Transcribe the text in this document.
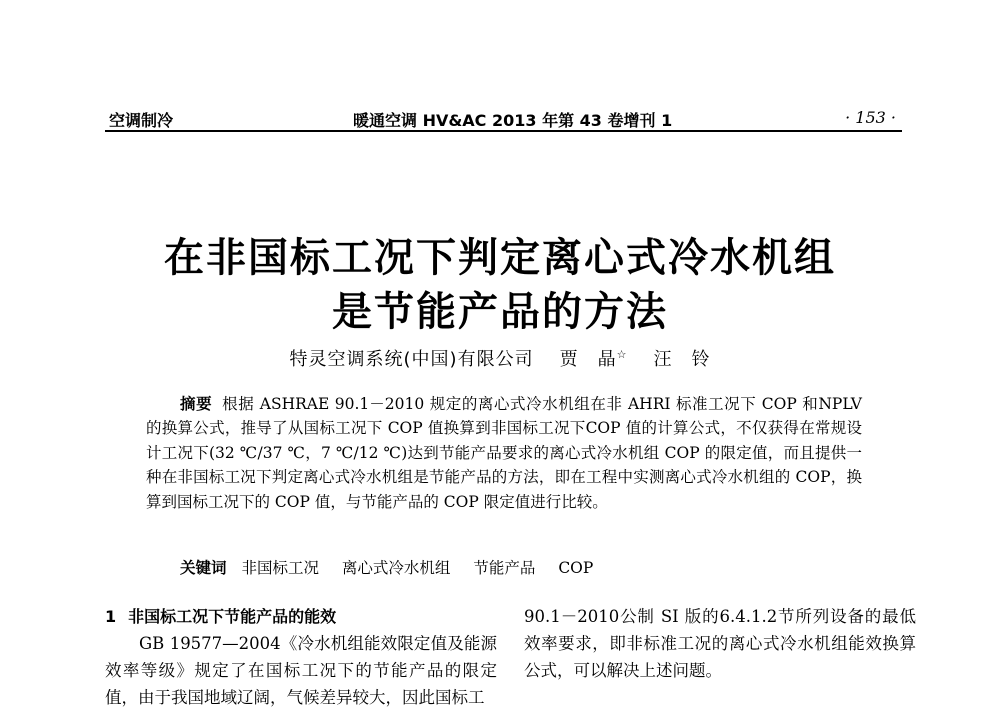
空调制冷	暖通空调 HV&AC 2013 年第 43 卷增刊 1	· 153 ·
在非国标工况下判定离心式冷水机组
是节能产品的方法
特灵空调系统(中国)有限公司 贾　晶☆ 汪　铃

摘要 根据 ASHRAE 90.1－2010 规定的离心式冷水机组在非 AHRI 标准工况下 COP 和NPLV 的换算公式，推导了从国标工况下 COP 值换算到非国标工况下COP 值的计算公式，不仅获得在常规设计工况下(32 ℃/37 ℃，7 ℃/12 ℃)达到节能产品要求的离心式冷水机组 COP 的限定值，而且提供一种在非国标工况下判定离心式冷水机组是节能产品的方法，即在工程中实测离心式冷水机组的 COP，换算到国标工况下的 COP 值，与节能产品的 COP 限定值进行比较。

关键词 非国标工况 离心式冷水机组 节能产品 COP
1 非国标工况下节能产品的能效

GB 19577—2004《冷水机组能效限定值及能源效率等级》规定了在国标工况下的节能产品的限定值，由于我国地域辽阔，气候差异较大，因此国标工

90.1－2010公制 SI 版的6.4.1.2节所列设备的最低效率要求，即非标准工况的离心式冷水机组能效换算公式，可以解决上述问题。
